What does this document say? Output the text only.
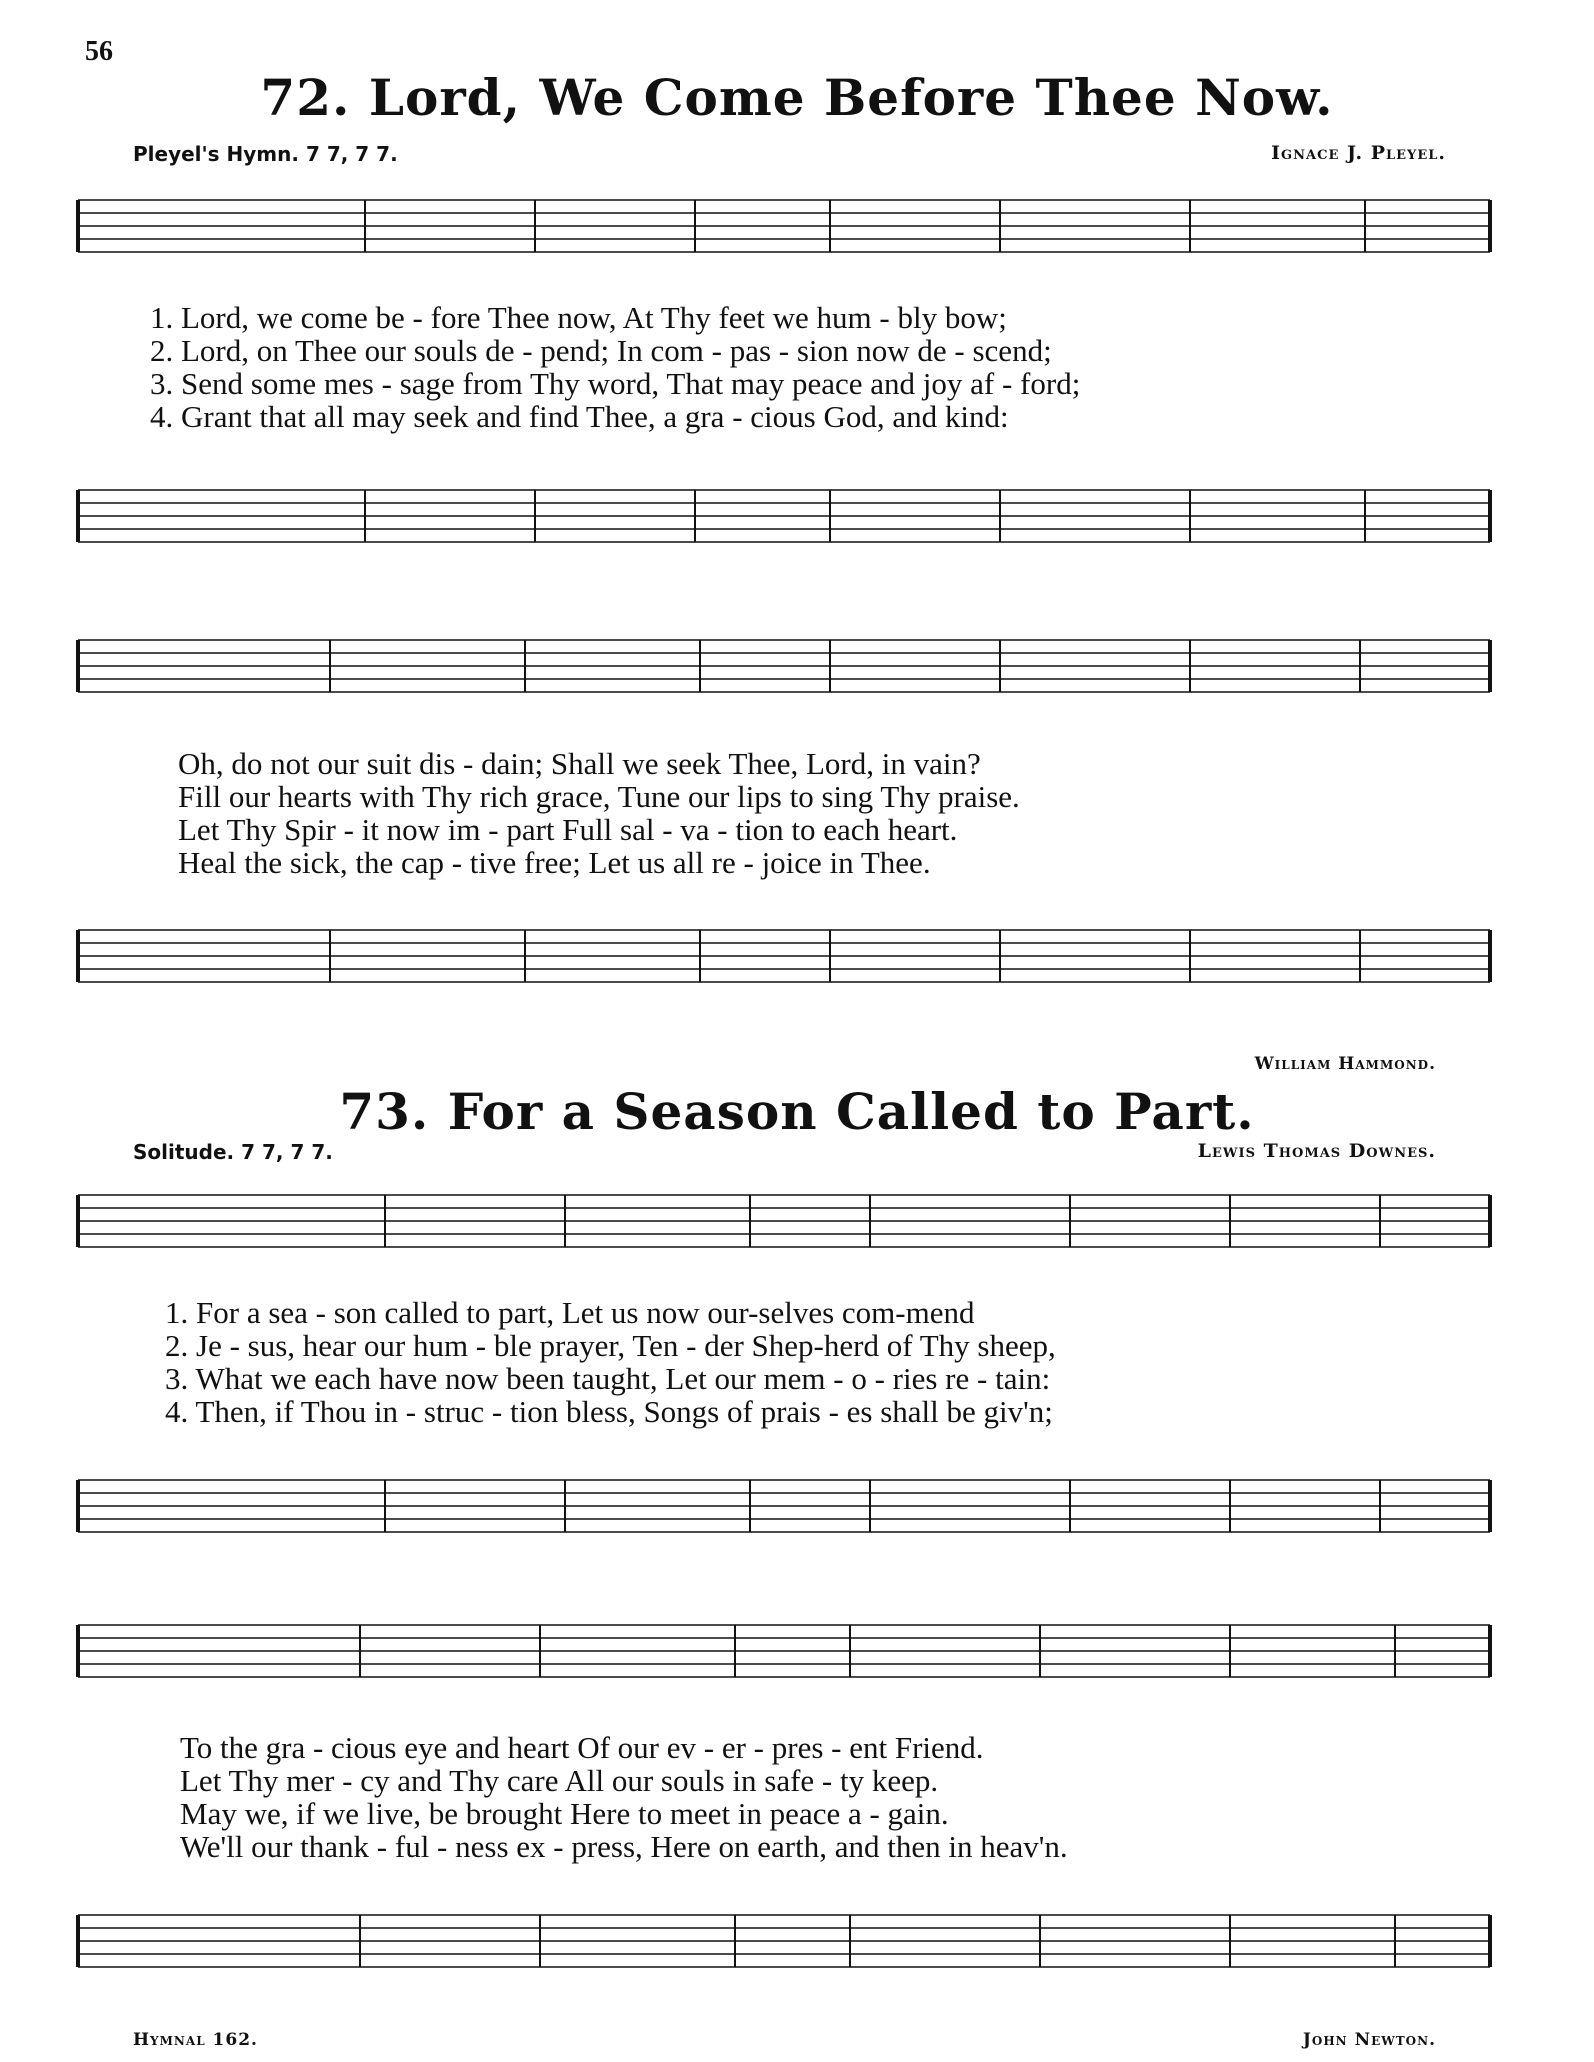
56
72. Lord, We Come Before Thee Now.
Pleyel's Hymn. 7 7, 7 7.	Ignace J. Pleyel.
1. Lord, we come be - fore Thee now, At Thy feet we hum - bly bow;
2. Lord, on Thee our souls de - pend; In com - pas - sion now de - scend;
3. Send some mes - sage from Thy word, That may peace and joy af - ford;
4. Grant that all may seek and find Thee, a gra - cious God, and kind:
Oh, do not our suit dis - dain; Shall we seek Thee, Lord, in vain?
Fill our hearts with Thy rich grace, Tune our lips to sing Thy praise.
Let Thy Spir - it now im - part Full sal - va - tion to each heart.
Heal the sick, the cap - tive free; Let us all re - joice in Thee.
William Hammond.
73. For a Season Called to Part.
Solitude. 7 7, 7 7.	Lewis Thomas Downes.
1. For a sea - son called to part, Let us now our-selves com-mend
2. Je - sus, hear our hum - ble prayer, Ten - der Shep-herd of Thy sheep,
3. What we each have now been taught, Let our mem - o - ries re - tain:
4. Then, if Thou in - struc - tion bless, Songs of prais - es shall be giv'n;
To the gra - cious eye and heart Of our ev - er - pres - ent Friend.
Let Thy mer - cy and Thy care All our souls in safe - ty keep.
May we, if we live, be brought Here to meet in peace a - gain.
We'll our thank - ful - ness ex - press, Here on earth, and then in heav'n.
Hymnal 162.	John Newton.
